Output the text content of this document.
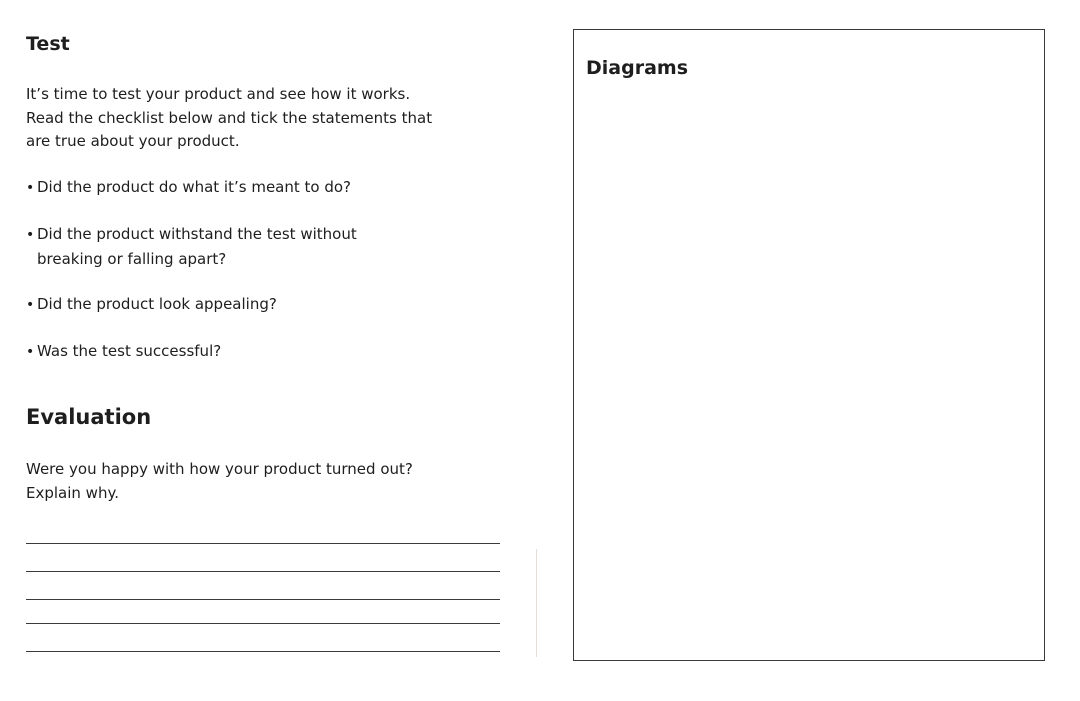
Test

It’s time to test your product and see how it works.
Read the checklist below and tick the statements that
are true about your product.

• Did the product do what it’s meant to do?

• Did the product withstand the test without
breaking or falling apart?

• Did the product look appealing?

• Was the test successful?

Evaluation

Were you happy with how your product turned out?
Explain why.

Diagrams
